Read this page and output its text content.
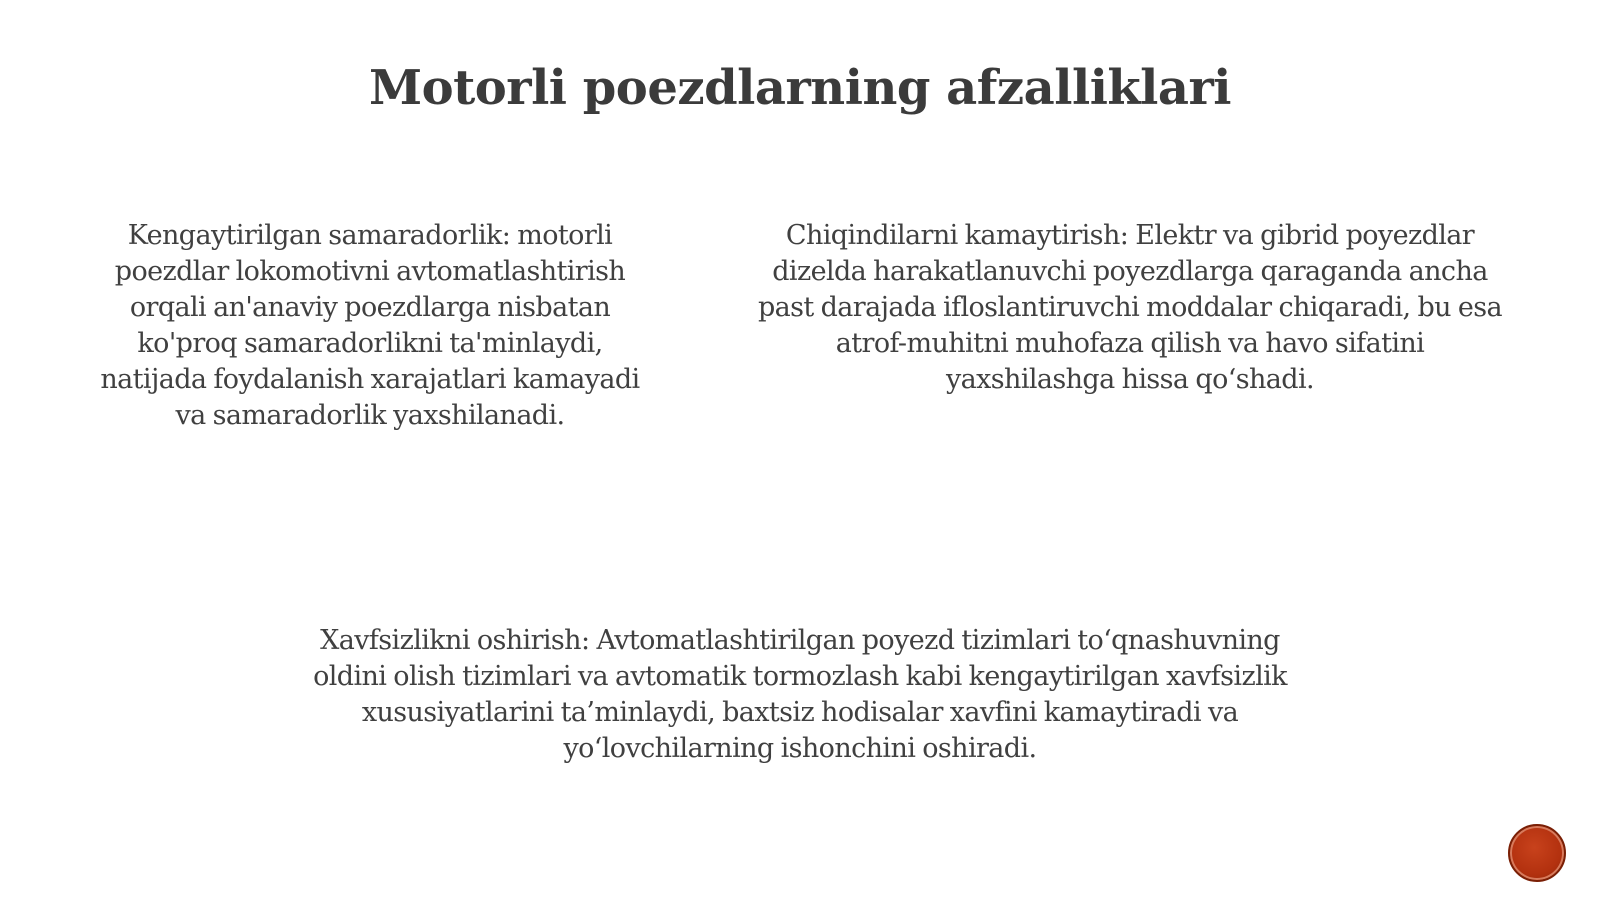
Motorli poezdlarning afzalliklari
Kengaytirilgan samaradorlik: motorli
poezdlar lokomotivni avtomatlashtirish
orqali an'anaviy poezdlarga nisbatan
ko'proq samaradorlikni ta'minlaydi,
natijada foydalanish xarajatlari kamayadi
va samaradorlik yaxshilanadi.
Chiqindilarni kamaytirish: Elektr va gibrid poyezdlar
dizelda harakatlanuvchi poyezdlarga qaraganda ancha
past darajada ifloslantiruvchi moddalar chiqaradi, bu esa
atrof-muhitni muhofaza qilish va havo sifatini
yaxshilashga hissa qo‘shadi.
Xavfsizlikni oshirish: Avtomatlashtirilgan poyezd tizimlari to‘qnashuvning
oldini olish tizimlari va avtomatik tormozlash kabi kengaytirilgan xavfsizlik
xususiyatlarini ta’minlaydi, baxtsiz hodisalar xavfini kamaytiradi va
yo‘lovchilarning ishonchini oshiradi.
